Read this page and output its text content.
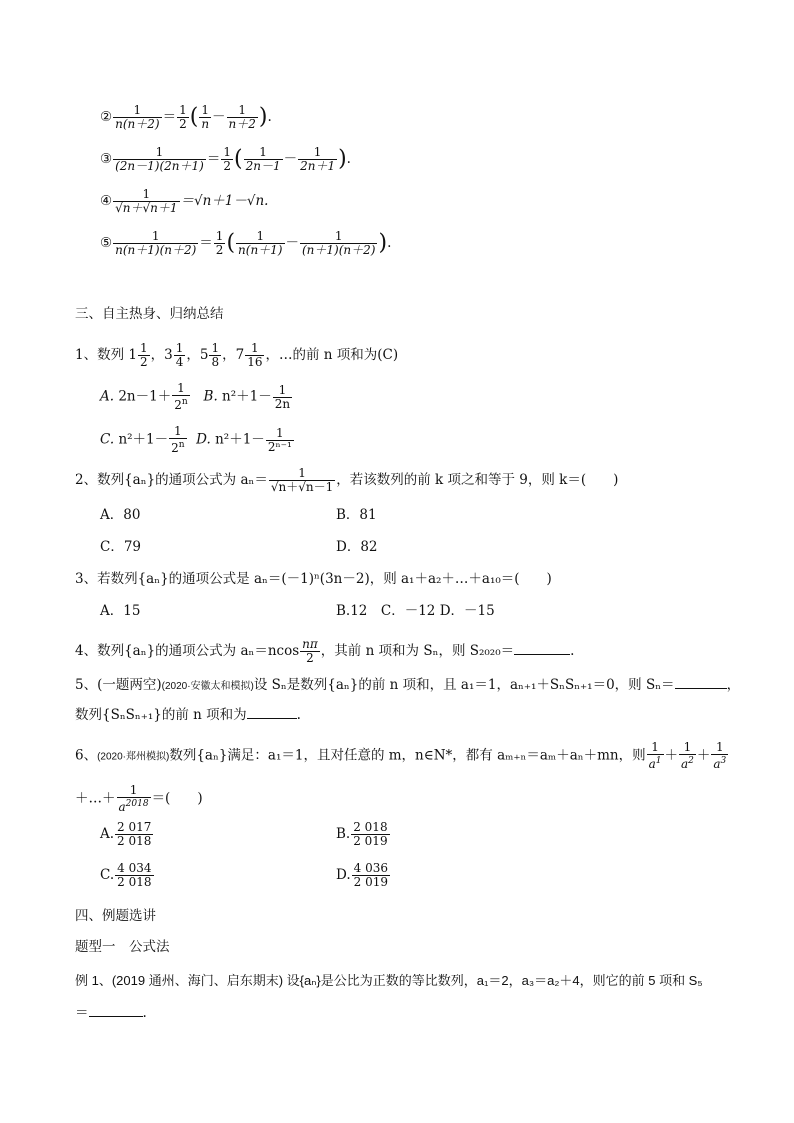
② $\frac{1}{n(n+2)} = \frac{1}{2}$ ( $\frac{1}{n} - \frac{1}{n+2}$ ).
③ $\frac{1}{(2n-1)(2n+1)} = \frac{1}{2}$ ( $\frac{1}{2n-1} - \frac{1}{2n+1}$ ).
④ $\frac{1}{√n+√n+1} =√n+1-√n$.
⑤ $\frac{1}{n(n+1)(n+2)} = \frac{1}{2}$ ( $\frac{1}{n(n+1)} - \frac{1}{(n+1)(n+2)}$ ).
三、自主热身、归纳总结
1、数列 $1 \frac{1}{2}$ ，$3 \frac{1}{4}$ ，$5 \frac{1}{8}$ ，$7 \frac{1}{16}$ ，…的前 n 项和为(C)
A. $2n-1+ \frac{1}{2^n} B$. $n^2+1- \frac{1}{2n}$
C. $n^2+1- \frac{1}{2^n} D$. $n^2+1- \frac{1}{\text{2ⁿ⁻¹}}$
2、数列{aₙ}的通项公式为 $a_n= \frac{1}{√n+√n-1}$ ，若该数列的前 k 项之和等于 9，则 k＝(　　)
A．80	B．81
C．79	D．82
3、若数列{aₙ}的通项公式是 aₙ＝(－1)ⁿ(3n－2)，则 a₁＋a₂＋…＋a₁₀＝(　　)
A．15	B.12　C．－12 D．－15
4、数列{aₙ}的通项公式为 $a_n=ncos \frac{n\pi}{2}$ ，其前 n 项和为 Sₙ，则 S₂₀₂₀＝	.
5、(一题两空)(2020·安徽太和模拟)设 Sₙ是数列{aₙ}的前 n 项和，且 a₁＝1，aₙ₊₁＋SₙSₙ₊₁＝0，则 Sₙ＝	，
数列{SₙSₙ₊₁}的前 n 项和为	.
6、(2020·郑州模拟)数列{aₙ}满足：a₁＝1，且对任意的 m，n∈N*，都有 aₘ₊ₙ＝aₘ＋aₙ＋mn，则 $\frac{1}{a^1} + \frac{1}{a^2} + \frac{1}{a^3}$
＋…＋ $\frac{1}{a^{2018}}$ ＝(　　)
A. $\frac{2 017}{2 018}$	B. $\frac{2 018}{2 019}$
C. $\frac{4 034}{2 018}$	D. $\frac{4 036}{2 019}$
四、例题选讲
题型一　公式法
例 1、(2019 通州、海门、启东期末) 设{aₙ}是公比为正数的等比数列，a₁＝2，a₃＝a₂＋4，则它的前 5 项和 S₅
＝	.
